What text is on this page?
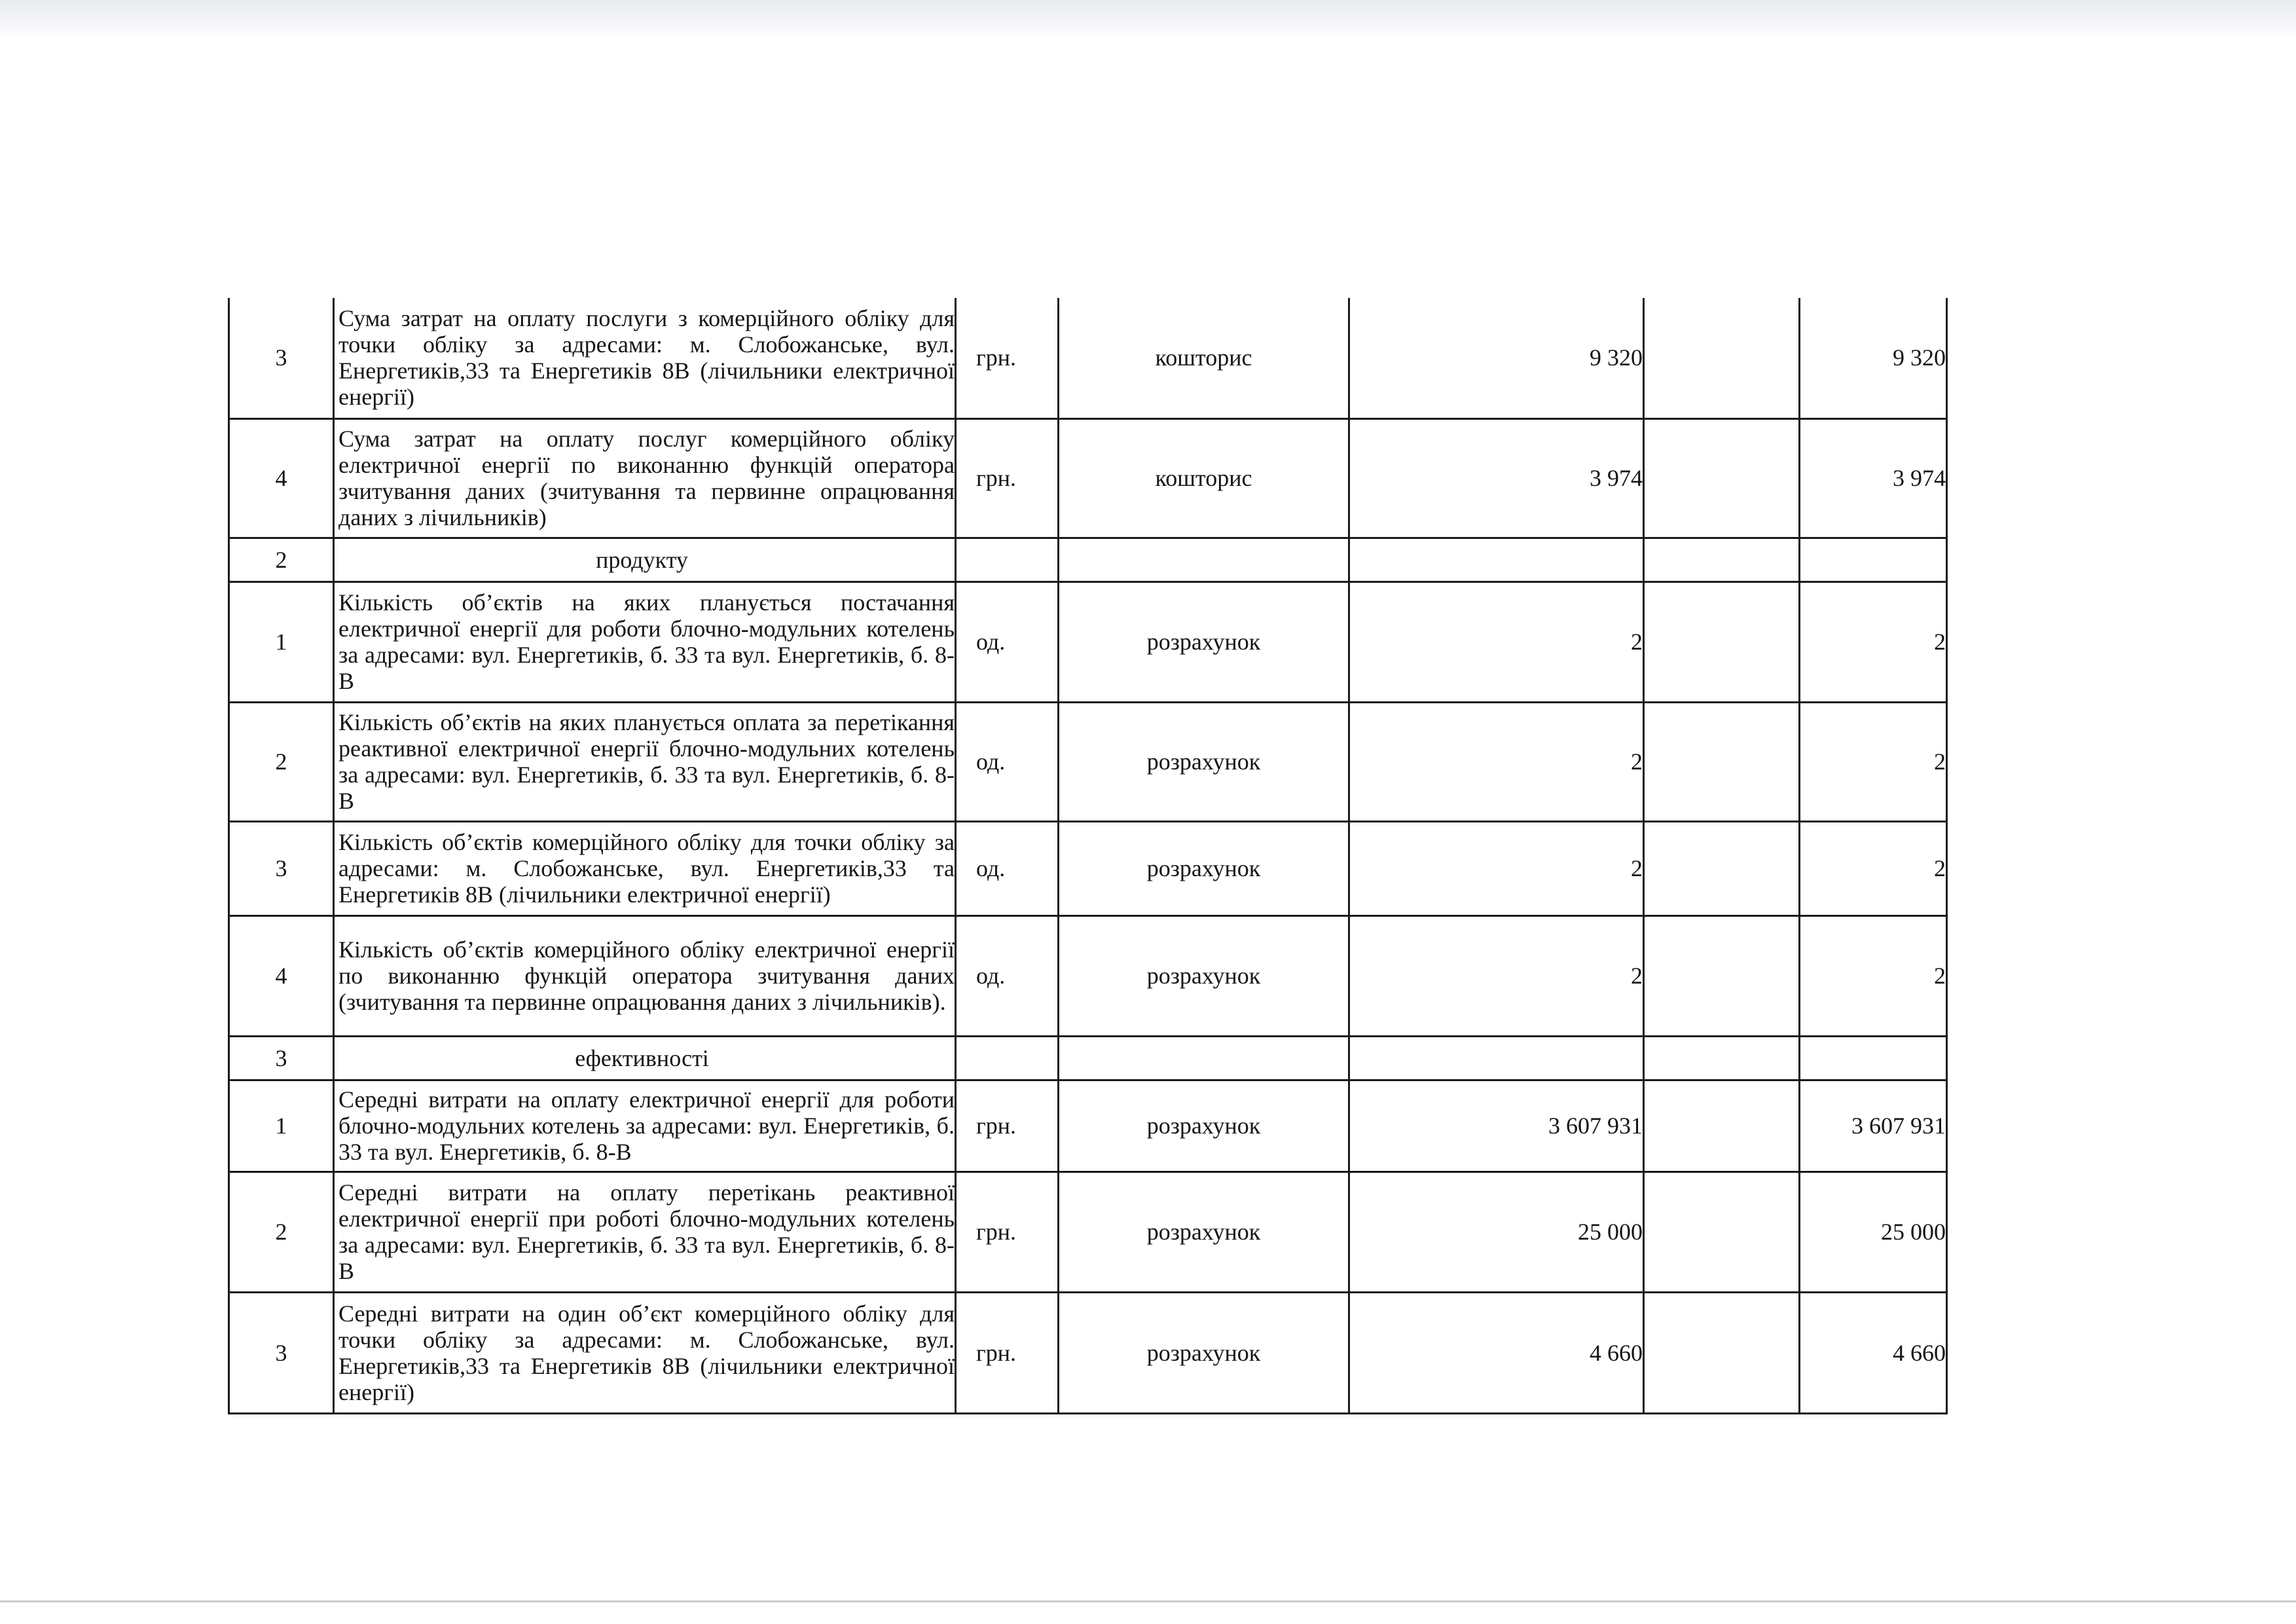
3	Сума затрат на оплату послуги з комерційного обліку для точки обліку за адресами: м. Слобожанське, вул. Енергетиків,33 та Енергетиків 8В (лічильники електричної енергії)	грн.	кошторис	9 320		9 320
4	Сума затрат на оплату послуг комерційного обліку електричної енергії по виконанню функцій оператора зчитування даних (зчитування та первинне опрацювання даних з лічильників)	грн.	кошторис	3 974		3 974
2	продукту					
1	Кількість об’єктів на яких планується постачання електричної енергії для роботи блочно-модульних котелень за адресами: вул. Енергетиків, б. 33 та вул. Енергетиків, б. 8-В	од.	розрахунок	2		2
2	Кількість об’єктів на яких планується оплата за перетікання реактивної електричної енергії блочно-модульних котелень за адресами: вул. Енергетиків, б. 33 та вул. Енергетиків, б. 8-В	од.	розрахунок	2		2
3	Кількість об’єктів комерційного обліку для точки обліку за адресами: м. Слобожанське, вул. Енергетиків,33 та Енергетиків 8В (лічильники електричної енергії)	од.	розрахунок	2		2
4	Кількість об’єктів комерційного обліку електричної енергії по виконанню функцій оператора зчитування даних (зчитування та первинне опрацювання даних з лічильників).	од.	розрахунок	2		2
3	ефективності					
1	Середні витрати на оплату електричної енергії для роботи блочно-модульних котелень за адресами: вул. Енергетиків, б. 33 та вул. Енергетиків, б. 8-В	грн.	розрахунок	3 607 931		3 607 931
2	Середні витрати на оплату перетікань реактивної електричної енергії при роботі блочно-модульних котелень за адресами: вул. Енергетиків, б. 33 та вул. Енергетиків, б. 8-В	грн.	розрахунок	25 000		25 000
3	Середні витрати на один об’єкт комерційного обліку для точки обліку за адресами: м. Слобожанське, вул. Енергетиків,33 та Енергетиків 8В (лічильники електричної енергії)	грн.	розрахунок	4 660		4 660
